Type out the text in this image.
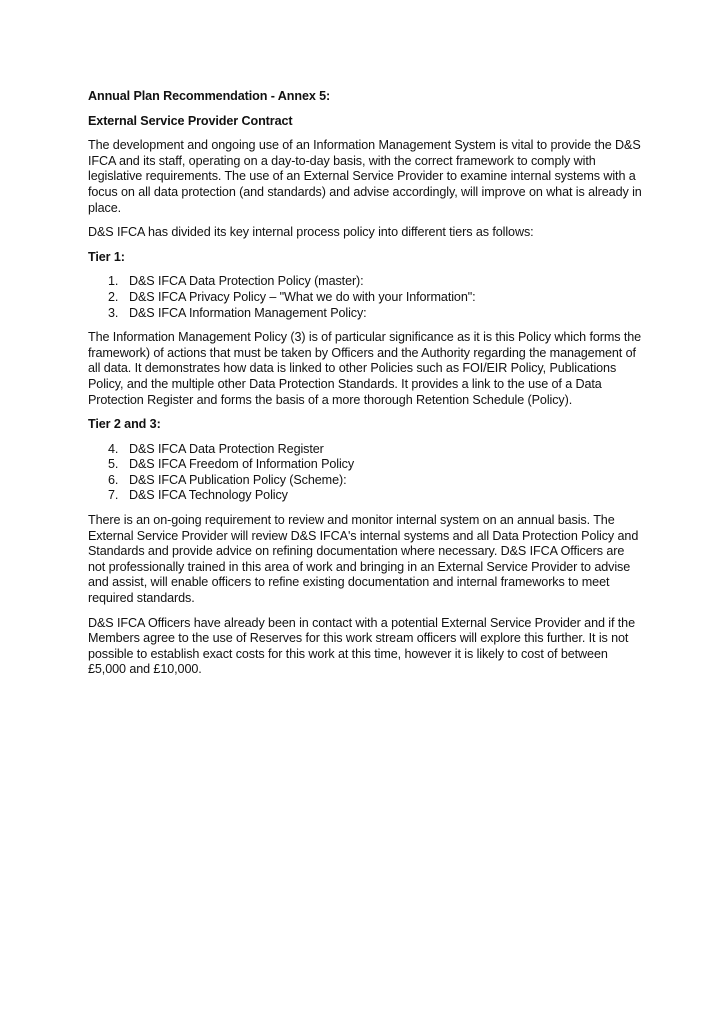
Annual Plan Recommendation - Annex 5:
External Service Provider Contract
The development and ongoing use of an Information Management System is vital to provide the D&S IFCA and its staff, operating on a day-to-day basis, with the correct framework to comply with legislative requirements. The use of an External Service Provider to examine internal systems with a focus on all data protection (and standards) and advise accordingly, will improve on what is already in place.
D&S IFCA has divided its key internal process policy into different tiers as follows:
Tier 1:
1. D&S IFCA Data Protection Policy (master):
2. D&S IFCA Privacy Policy – "What we do with your Information":
3. D&S IFCA Information Management Policy:
The Information Management Policy (3) is of particular significance as it is this Policy which forms the framework) of actions that must be taken by Officers and the Authority regarding the management of all data. It demonstrates how data is linked to other Policies such as FOI/EIR Policy, Publications Policy, and the multiple other Data Protection Standards. It provides a link to the use of a Data Protection Register and forms the basis of a more thorough Retention Schedule (Policy).
Tier 2 and 3:
4. D&S IFCA Data Protection Register
5. D&S IFCA Freedom of Information Policy
6. D&S IFCA Publication Policy (Scheme):
7. D&S IFCA Technology Policy
There is an on-going requirement to review and monitor internal system on an annual basis. The External Service Provider will review D&S IFCA's internal systems and all Data Protection Policy and Standards and provide advice on refining documentation where necessary. D&S IFCA Officers are not professionally trained in this area of work and bringing in an External Service Provider to advise and assist, will enable officers to refine existing documentation and internal frameworks to meet required standards.
D&S IFCA Officers have already been in contact with a potential External Service Provider and if the Members agree to the use of Reserves for this work stream officers will explore this further. It is not possible to establish exact costs for this work at this time, however it is likely to cost of between £5,000 and £10,000.
